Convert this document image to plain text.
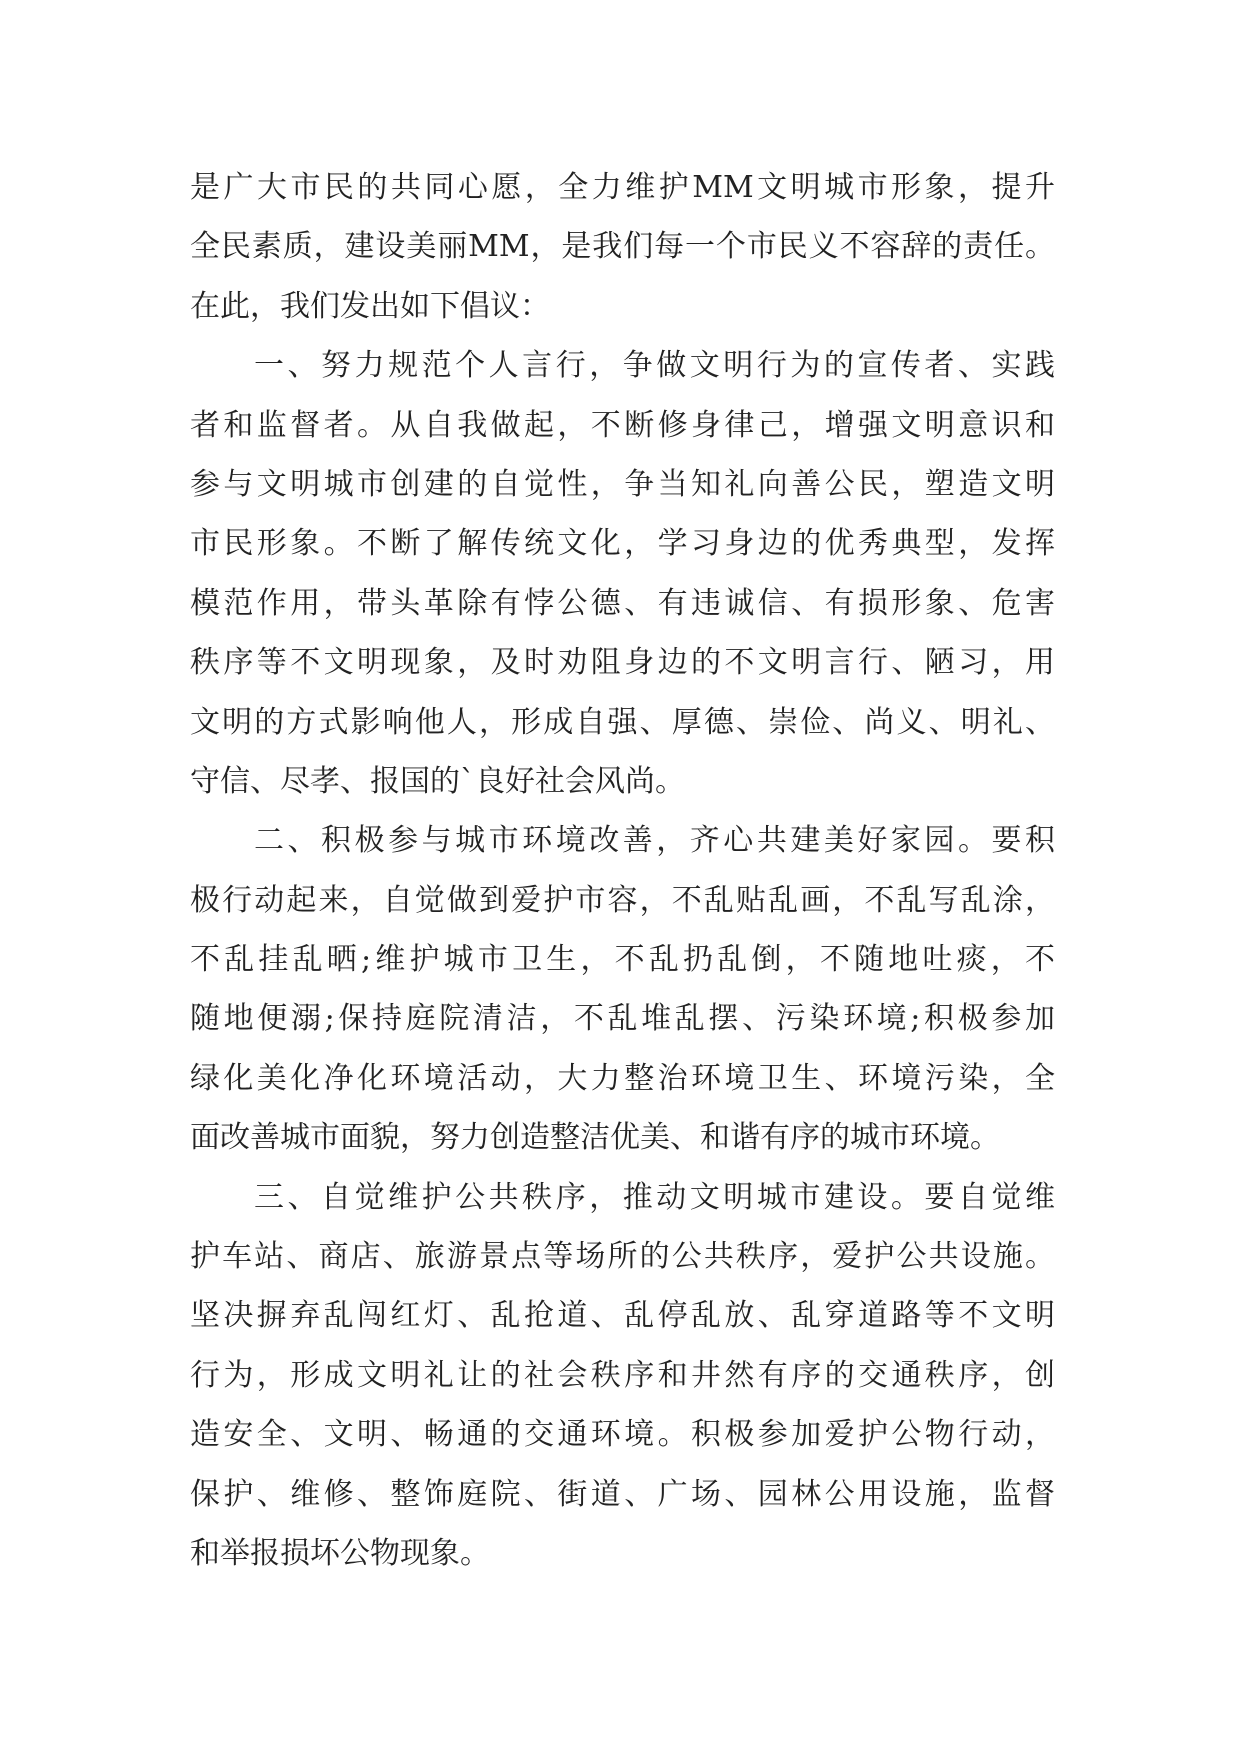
是广大市民的共同心愿，全力维护MM文明城市形象，提升
全民素质，建设美丽MM，是我们每一个市民义不容辞的责任。
在此，我们发出如下倡议：
一、努力规范个人言行，争做文明行为的宣传者、实践
者和监督者。从自我做起，不断修身律己，增强文明意识和
参与文明城市创建的自觉性，争当知礼向善公民，塑造文明
市民形象。不断了解传统文化，学习身边的优秀典型，发挥
模范作用，带头革除有悖公德、有违诚信、有损形象、危害
秩序等不文明现象，及时劝阻身边的不文明言行、陋习，用
文明的方式影响他人，形成自强、厚德、崇俭、尚义、明礼、
守信、尽孝、报国的`良好社会风尚。
二、积极参与城市环境改善，齐心共建美好家园。要积
极行动起来，自觉做到爱护市容，不乱贴乱画，不乱写乱涂，
不乱挂乱晒;维护城市卫生，不乱扔乱倒，不随地吐痰，不
随地便溺;保持庭院清洁，不乱堆乱摆、污染环境;积极参加
绿化美化净化环境活动，大力整治环境卫生、环境污染，全
面改善城市面貌，努力创造整洁优美、和谐有序的城市环境。
三、自觉维护公共秩序，推动文明城市建设。要自觉维
护车站、商店、旅游景点等场所的公共秩序，爱护公共设施。
坚决摒弃乱闯红灯、乱抢道、乱停乱放、乱穿道路等不文明
行为，形成文明礼让的社会秩序和井然有序的交通秩序，创
造安全、文明、畅通的交通环境。积极参加爱护公物行动，
保护、维修、整饰庭院、街道、广场、园林公用设施，监督
和举报损坏公物现象。
